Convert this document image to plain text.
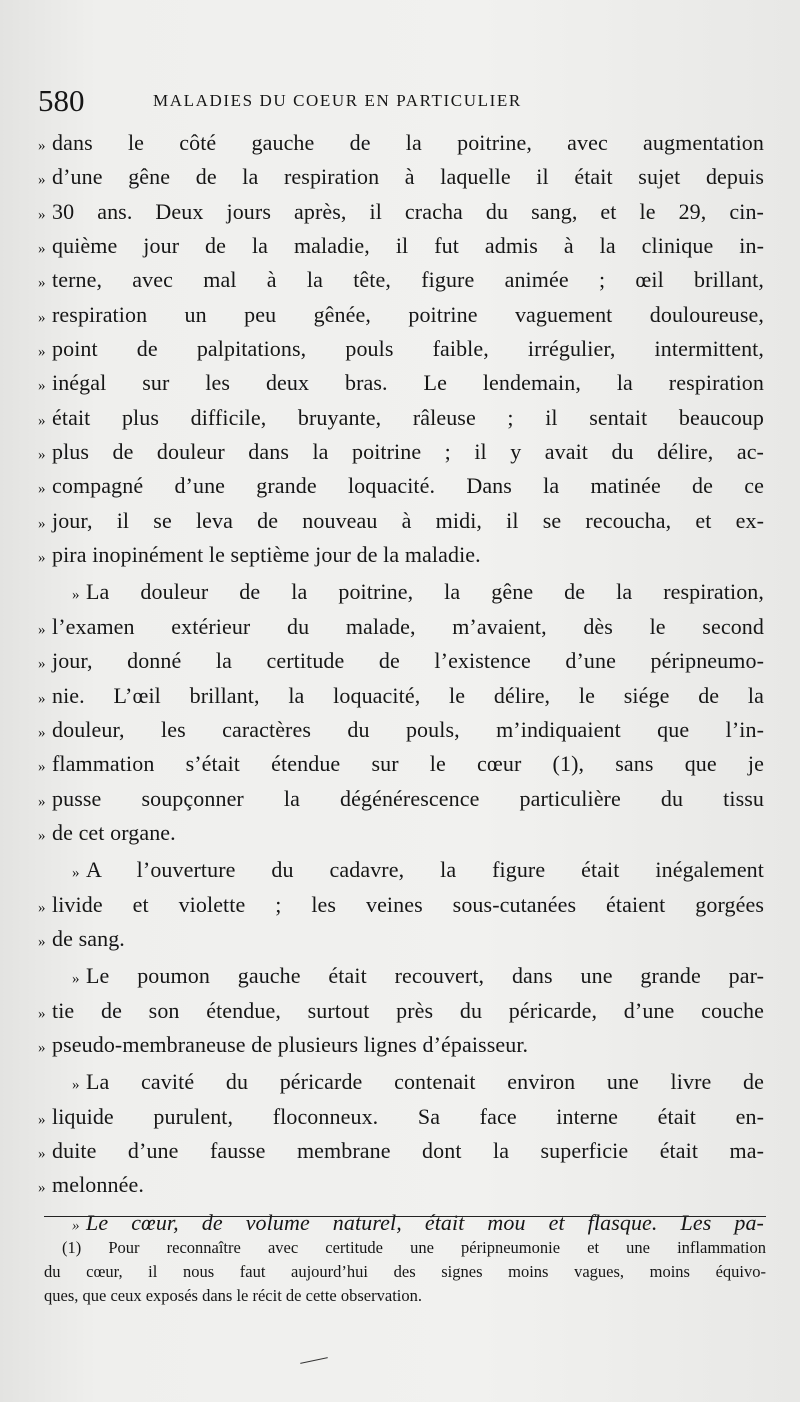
580	MALADIES DU COEUR EN PARTICULIER
» dans le côté gauche de la poitrine, avec augmentation
» d’une gêne de la respiration à laquelle il était sujet depuis
» 30 ans. Deux jours après, il cracha du sang, et le 29, cin-
» quième jour de la maladie, il fut admis à la clinique in-
» terne, avec mal à la tête, figure animée ; œil brillant,
» respiration un peu gênée, poitrine vaguement douloureuse,
» point de palpitations, pouls faible, irrégulier, intermittent,
» inégal sur les deux bras. Le lendemain, la respiration
» était plus difficile, bruyante, râleuse ; il sentait beaucoup
» plus de douleur dans la poitrine ; il y avait du délire, ac-
» compagné d’une grande loquacité. Dans la matinée de ce
» jour, il se leva de nouveau à midi, il se recoucha, et ex-
» pira inopinément le septième jour de la maladie.
» La douleur de la poitrine, la gêne de la respiration,
» l’examen extérieur du malade, m’avaient, dès le second
» jour, donné la certitude de l’existence d’une péripneumo-
» nie. L’œil brillant, la loquacité, le délire, le siége de la
» douleur, les caractères du pouls, m’indiquaient que l’in-
» flammation s’était étendue sur le cœur (1), sans que je
» pusse soupçonner la dégénérescence particulière du tissu
» de cet organe.
» A l’ouverture du cadavre, la figure était inégalement
» livide et violette ; les veines sous-cutanées étaient gorgées
» de sang.
» Le poumon gauche était recouvert, dans une grande par-
» tie de son étendue, surtout près du péricarde, d’une couche
» pseudo-membraneuse de plusieurs lignes d’épaisseur.
» La cavité du péricarde contenait environ une livre de
» liquide purulent, floconneux. Sa face interne était en-
» duite d’une fausse membrane dont la superficie était ma-
» melonnée.
» Le cœur, de volume naturel, était mou et flasque. Les pa-
(1) Pour reconnaître avec certitude une péripneumonie et une inflammation
du cœur, il nous faut aujourd’hui des signes moins vagues, moins équivo-
ques, que ceux exposés dans le récit de cette observation.
